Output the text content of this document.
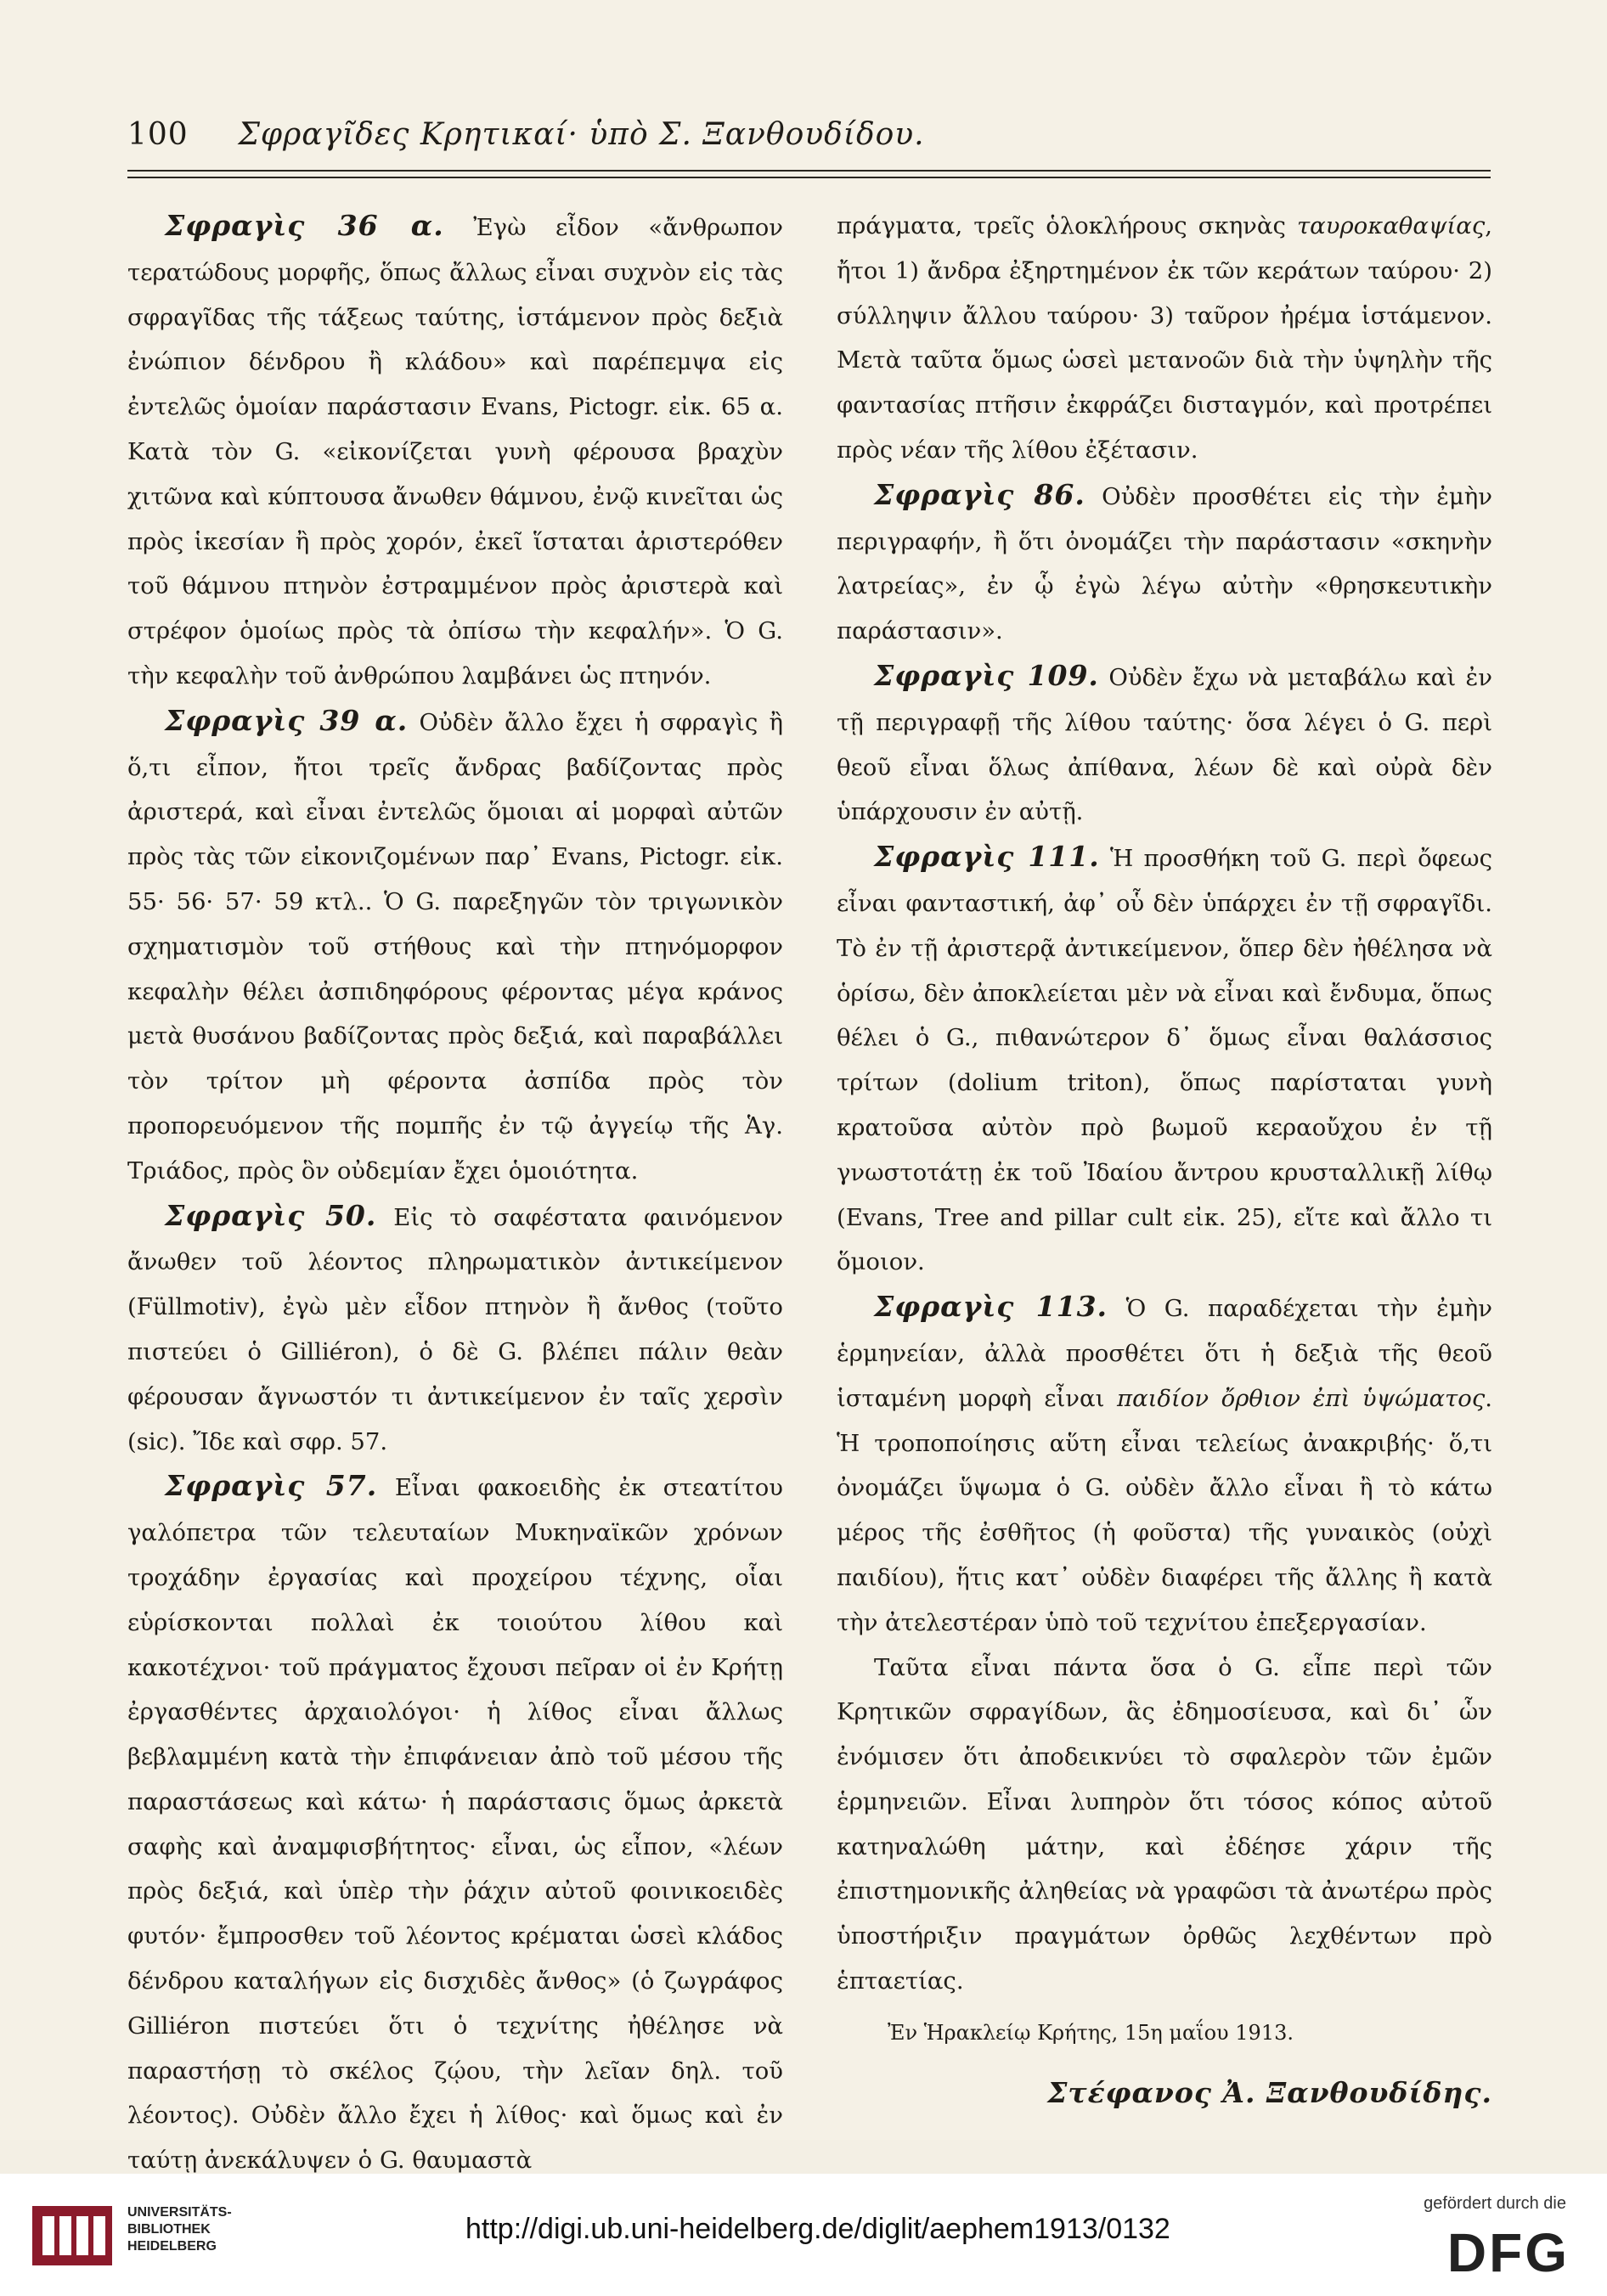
100 Σφραγῖδες Κρητικαί· ὑπὸ Σ. Ξανθουδίδου.

Σφραγὶς 36 α. Ἐγὼ εἶδον «ἄνθρωπον τερατώδους μορφῆς, ὅπως ἄλλως εἶναι συχνὸν εἰς τὰς σφραγῖδας τῆς τάξεως ταύτης, ἱστάμενον πρὸς δεξιὰ ἐνώπιον δένδρου ἢ κλάδου» καὶ παρέπεμψα εἰς ἐντελῶς ὁμοίαν παράστασιν Evans, Pictogr. εἰκ. 65 α. Κατὰ τὸν G. «εἰκονίζεται γυνὴ φέρουσα βραχὺν χιτῶνα καὶ κύπτουσα ἄνωθεν θάμνου, ἐνῷ κινεῖται ὡς πρὸς ἱκεσίαν ἢ πρὸς χορόν, ἐκεῖ ἵσταται ἀριστερόθεν τοῦ θάμνου πτηνὸν ἐστραμμένον πρὸς ἀριστερὰ καὶ στρέφον ὁμοίως πρὸς τὰ ὀπίσω τὴν κεφαλήν». Ὁ G. τὴν κεφαλὴν τοῦ ἀνθρώπου λαμβάνει ὡς πτηνόν.

Σφραγὶς 39 α. Οὐδὲν ἄλλο ἔχει ἡ σφραγὶς ἢ ὅ,τι εἶπον, ἤτοι τρεῖς ἄνδρας βαδίζοντας πρὸς ἀριστερά, καὶ εἶναι ἐντελῶς ὅμοιαι αἱ μορφαὶ αὐτῶν πρὸς τὰς τῶν εἰκονιζομένων παρ᾽ Evans, Pictogr. εἰκ. 55· 56· 57· 59 κτλ.. Ὁ G. παρεξηγῶν τὸν τριγωνικὸν σχηματισμὸν τοῦ στήθους καὶ τὴν πτηνόμορφον κεφαλὴν θέλει ἀσπιδηφόρους φέροντας μέγα κράνος μετὰ θυσάνου βαδίζοντας πρὸς δεξιά, καὶ παραβάλλει τὸν τρίτον μὴ φέροντα ἀσπίδα πρὸς τὸν προπορευόμενον τῆς πομπῆς ἐν τῷ ἀγγείῳ τῆς Ἁγ. Τριάδος, πρὸς ὃν οὐδεμίαν ἔχει ὁμοιότητα.

Σφραγὶς 50. Εἰς τὸ σαφέστατα φαινόμενον ἄνωθεν τοῦ λέοντος πληρωματικὸν ἀντικείμενον (Füllmotiv), ἐγὼ μὲν εἶδον πτηνὸν ἢ ἄνθος (τοῦτο πιστεύει ὁ Gilliéron), ὁ δὲ G. βλέπει πάλιν θεὰν φέρουσαν ἄγνωστόν τι ἀντικείμενον ἐν ταῖς χερσὶν (sic). Ἴδε καὶ σφρ. 57.

Σφραγὶς 57. Εἶναι φακοειδὴς ἐκ στεατίτου γαλόπετρα τῶν τελευταίων Μυκηναϊκῶν χρόνων τροχάδην ἐργασίας καὶ προχείρου τέχνης, οἷαι εὑρίσκονται πολλαὶ ἐκ τοιούτου λίθου καὶ κακοτέχνοι· τοῦ πράγματος ἔχουσι πεῖραν οἱ ἐν Κρήτῃ ἐργασθέντες ἀρχαιολόγοι· ἡ λίθος εἶναι ἄλλως βεβλαμμένη κατὰ τὴν ἐπιφάνειαν ἀπὸ τοῦ μέσου τῆς παραστάσεως καὶ κάτω· ἡ παράστασις ὅμως ἀρκετὰ σαφὴς καὶ ἀναμφισβήτητος· εἶναι, ὡς εἶπον, «λέων πρὸς δεξιά, καὶ ὑπὲρ τὴν ῥάχιν αὐτοῦ φοινικοειδὲς φυτόν· ἔμπροσθεν τοῦ λέοντος κρέμαται ὡσεὶ κλάδος δένδρου καταλήγων εἰς δισχιδὲς ἄνθος» (ὁ ζωγράφος Gilliéron πιστεύει ὅτι ὁ τεχνίτης ἠθέλησε νὰ παραστήσῃ τὸ σκέλος ζῴου, τὴν λεῖαν δηλ. τοῦ λέοντος). Οὐδὲν ἄλλο ἔχει ἡ λίθος· καὶ ὅμως καὶ ἐν ταύτῃ ἀνεκάλυψεν ὁ G. θαυμαστὰ

πράγματα, τρεῖς ὁλοκλήρους σκηνὰς ταυροκαθαψίας, ἤτοι 1) ἄνδρα ἐξηρτημένον ἐκ τῶν κεράτων ταύρου· 2) σύλληψιν ἄλλου ταύρου· 3) ταῦρον ἠρέμα ἱστάμενον. Μετὰ ταῦτα ὅμως ὡσεὶ μετανοῶν διὰ τὴν ὑψηλὴν τῆς φαντασίας πτῆσιν ἐκφράζει δισταγμόν, καὶ προτρέπει πρὸς νέαν τῆς λίθου ἐξέτασιν.

Σφραγὶς 86. Οὐδὲν προσθέτει εἰς τὴν ἐμὴν περιγραφήν, ἢ ὅτι ὀνομάζει τὴν παράστασιν «σκηνὴν λατρείας», ἐν ᾧ ἐγὼ λέγω αὐτὴν «θρησκευτικὴν παράστασιν».

Σφραγὶς 109. Οὐδὲν ἔχω νὰ μεταβάλω καὶ ἐν τῇ περιγραφῇ τῆς λίθου ταύτης· ὅσα λέγει ὁ G. περὶ θεοῦ εἶναι ὅλως ἀπίθανα, λέων δὲ καὶ οὐρὰ δὲν ὑπάρχουσιν ἐν αὐτῇ.

Σφραγὶς 111. Ἡ προσθήκη τοῦ G. περὶ ὄφεως εἶναι φανταστική, ἀφ᾽ οὗ δὲν ὑπάρχει ἐν τῇ σφραγῖδι. Τὸ ἐν τῇ ἀριστερᾷ ἀντικείμενον, ὅπερ δὲν ἠθέλησα νὰ ὁρίσω, δὲν ἀποκλείεται μὲν νὰ εἶναι καὶ ἔνδυμα, ὅπως θέλει ὁ G., πιθανώτερον δ᾽ ὅμως εἶναι θαλάσσιος τρίτων (dolium triton), ὅπως παρίσταται γυνὴ κρατοῦσα αὐτὸν πρὸ βωμοῦ κεραοὔχου ἐν τῇ γνωστοτάτῃ ἐκ τοῦ Ἰδαίου ἄντρου κρυσταλλικῇ λίθῳ (Evans, Tree and pillar cult εἰκ. 25), εἴτε καὶ ἄλλο τι ὅμοιον.

Σφραγὶς 113. Ὁ G. παραδέχεται τὴν ἐμὴν ἑρμηνείαν, ἀλλὰ προσθέτει ὅτι ἡ δεξιὰ τῆς θεοῦ ἱσταμένη μορφὴ εἶναι παιδίον ὄρθιον ἐπὶ ὑψώματος. Ἡ τροποποίησις αὕτη εἶναι τελείως ἀνακριβής· ὅ,τι ὀνομάζει ὕψωμα ὁ G. οὐδὲν ἄλλο εἶναι ἢ τὸ κάτω μέρος τῆς ἐσθῆτος (ἡ φοῦστα) τῆς γυναικὸς (οὐχὶ παιδίου), ἥτις κατ᾽ οὐδὲν διαφέρει τῆς ἄλλης ἢ κατὰ τὴν ἀτελεστέραν ὑπὸ τοῦ τεχνίτου ἐπεξεργασίαν.

Ταῦτα εἶναι πάντα ὅσα ὁ G. εἶπε περὶ τῶν Κρητικῶν σφραγίδων, ἃς ἐδημοσίευσα, καὶ δι᾽ ὧν ἐνόμισεν ὅτι ἀποδεικνύει τὸ σφαλερὸν τῶν ἐμῶν ἑρμηνειῶν. Εἶναι λυπηρὸν ὅτι τόσος κόπος αὐτοῦ κατηναλώθη μάτην, καὶ ἐδέησε χάριν τῆς ἐπιστημονικῆς ἀληθείας νὰ γραφῶσι τὰ ἀνωτέρω πρὸς ὑποστήριξιν πραγμάτων ὀρθῶς λεχθέντων πρὸ ἑπταετίας.

Ἐν Ἡρακλείῳ Κρήτης, 15η μαΐου 1913.

Στέφανος Ἀ. Ξανθουδίδης.

UNIVERSITÄTS-
BIBLIOTHEK
HEIDELBERG
http://digi.ub.uni-heidelberg.de/diglit/aephem1913/0132
gefördert durch die
DFG
